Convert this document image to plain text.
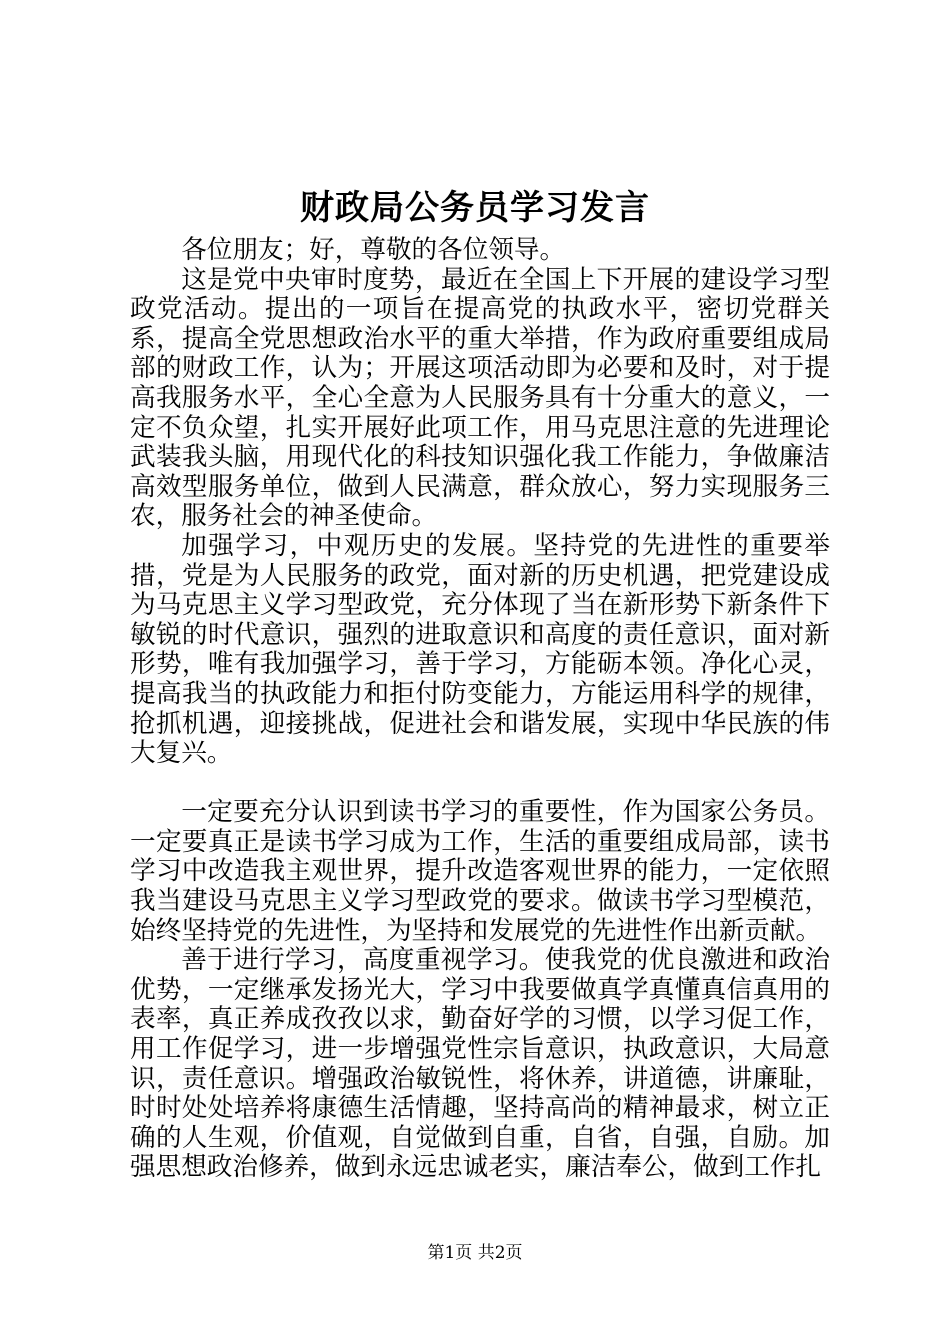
财政局公务员学习发言

各位朋友；好，尊敬的各位领导。

这是党中央审时度势，最近在全国上下开展的建设学习型政党活动。提出的一项旨在提高党的执政水平，密切党群关系，提高全党思想政治水平的重大举措，作为政府重要组成局部的财政工作，认为；开展这项活动即为必要和及时，对于提高我服务水平，全心全意为人民服务具有十分重大的意义，一定不负众望，扎实开展好此项工作，用马克思注意的先进理论武装我头脑，用现代化的科技知识强化我工作能力，争做廉洁高效型服务单位，做到人民满意，群众放心，努力实现服务三农，服务社会的神圣使命。

加强学习，中观历史的发展。坚持党的先进性的重要举措，党是为人民服务的政党，面对新的历史机遇，把党建设成为马克思主义学习型政党，充分体现了当在新形势下新条件下敏锐的时代意识，强烈的进取意识和高度的责任意识，面对新形势，唯有我加强学习，善于学习，方能砺本领。净化心灵，提高我当的执政能力和拒付防变能力，方能运用科学的规律，抢抓机遇，迎接挑战，促进社会和谐发展，实现中华民族的伟大复兴。

一定要充分认识到读书学习的重要性，作为国家公务员。一定要真正是读书学习成为工作，生活的重要组成局部，读书学习中改造我主观世界，提升改造客观世界的能力，一定依照我当建设马克思主义学习型政党的要求。做读书学习型模范，始终坚持党的先进性，为坚持和发展党的先进性作出新贡献。

善于进行学习，高度重视学习。使我党的优良激进和政治优势，一定继承发扬光大，学习中我要做真学真懂真信真用的表率，真正养成孜孜以求，勤奋好学的习惯，以学习促工作，用工作促学习，进一步增强党性宗旨意识，执政意识，大局意识，责任意识。增强政治敏锐性，将休养，讲道德，讲廉耻，时时处处培养将康德生活情趣，坚持高尚的精神最求，树立正确的人生观，价值观，自觉做到自重，自省，自强，自励。加强思想政治修养，做到永远忠诚老实，廉洁奉公，做到工作扎

第1页 共2页
